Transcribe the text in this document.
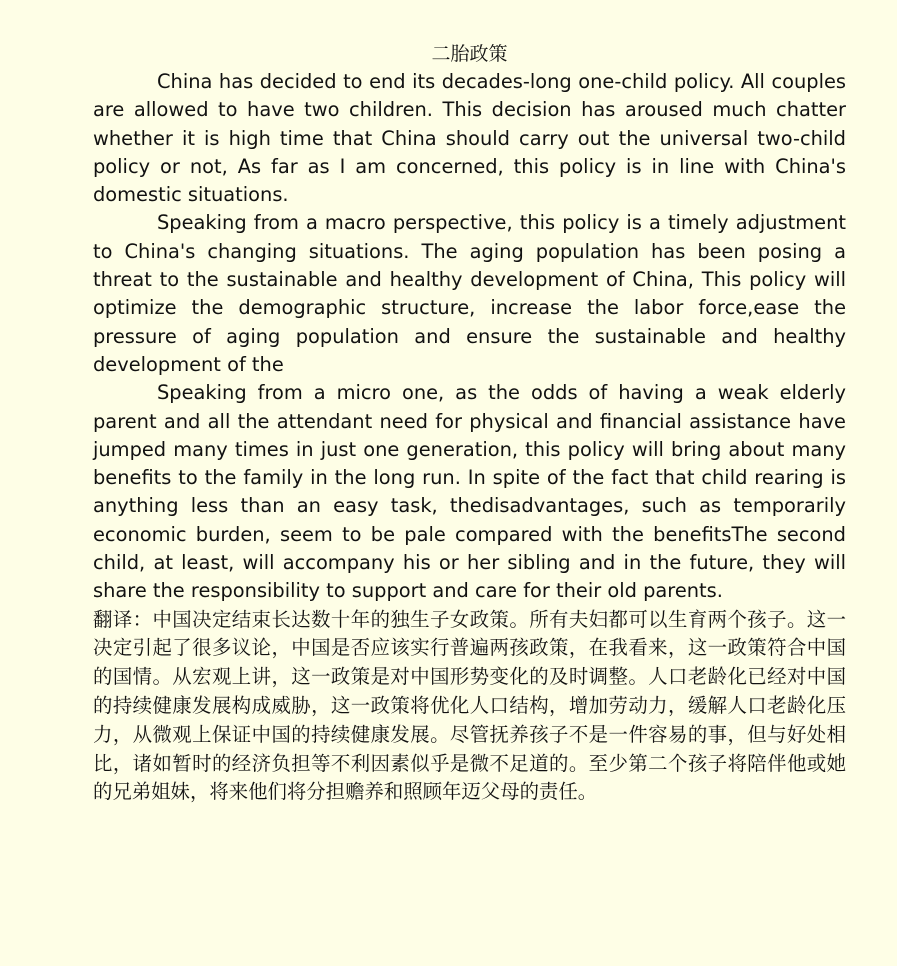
二胎政策

China has decided to end its decades-long one-child policy. All couples are allowed to have two children. This decision has aroused much chatter whether it is high time that China should carry out the universal two-child policy or not, As far as I am concerned, this policy is in line with China's domestic situations.

Speaking from a macro perspective, this policy is a timely adjustment to China's changing situations. The aging population has been posing a threat to the sustainable and healthy development of China, This policy will optimize the demographic structure, increase the labor force,ease the pressure of aging population and ensure the sustainable and healthy development of the

Speaking from a micro one, as the odds of having a weak elderly parent and all the attendant need for physical and financial assistance have jumped many times in just one generation, this policy will bring about many benefits to the family in the long run. In spite of the fact that child rearing is anything less than an easy task, thedisadvantages, such as temporarily economic burden, seem to be pale compared with the benefitsThe second child, at least, will accompany his or her sibling and in the future, they will share the responsibility to support and care for their old parents.

翻译：中国决定结束长达数十年的独生子女政策。所有夫妇都可以生育两个孩子。这一决定引起了很多议论，中国是否应该实行普遍两孩政策，在我看来，这一政策符合中国的国情。从宏观上讲，这一政策是对中国形势变化的及时调整。人口老龄化已经对中国的持续健康发展构成威胁，这一政策将优化人口结构，增加劳动力，缓解人口老龄化压力，从微观上保证中国的持续健康发展。尽管抚养孩子不是一件容易的事，但与好处相比，诸如暂时的经济负担等不利因素似乎是微不足道的。至少第二个孩子将陪伴他或她的兄弟姐妹，将来他们将分担赡养和照顾年迈父母的责任。
